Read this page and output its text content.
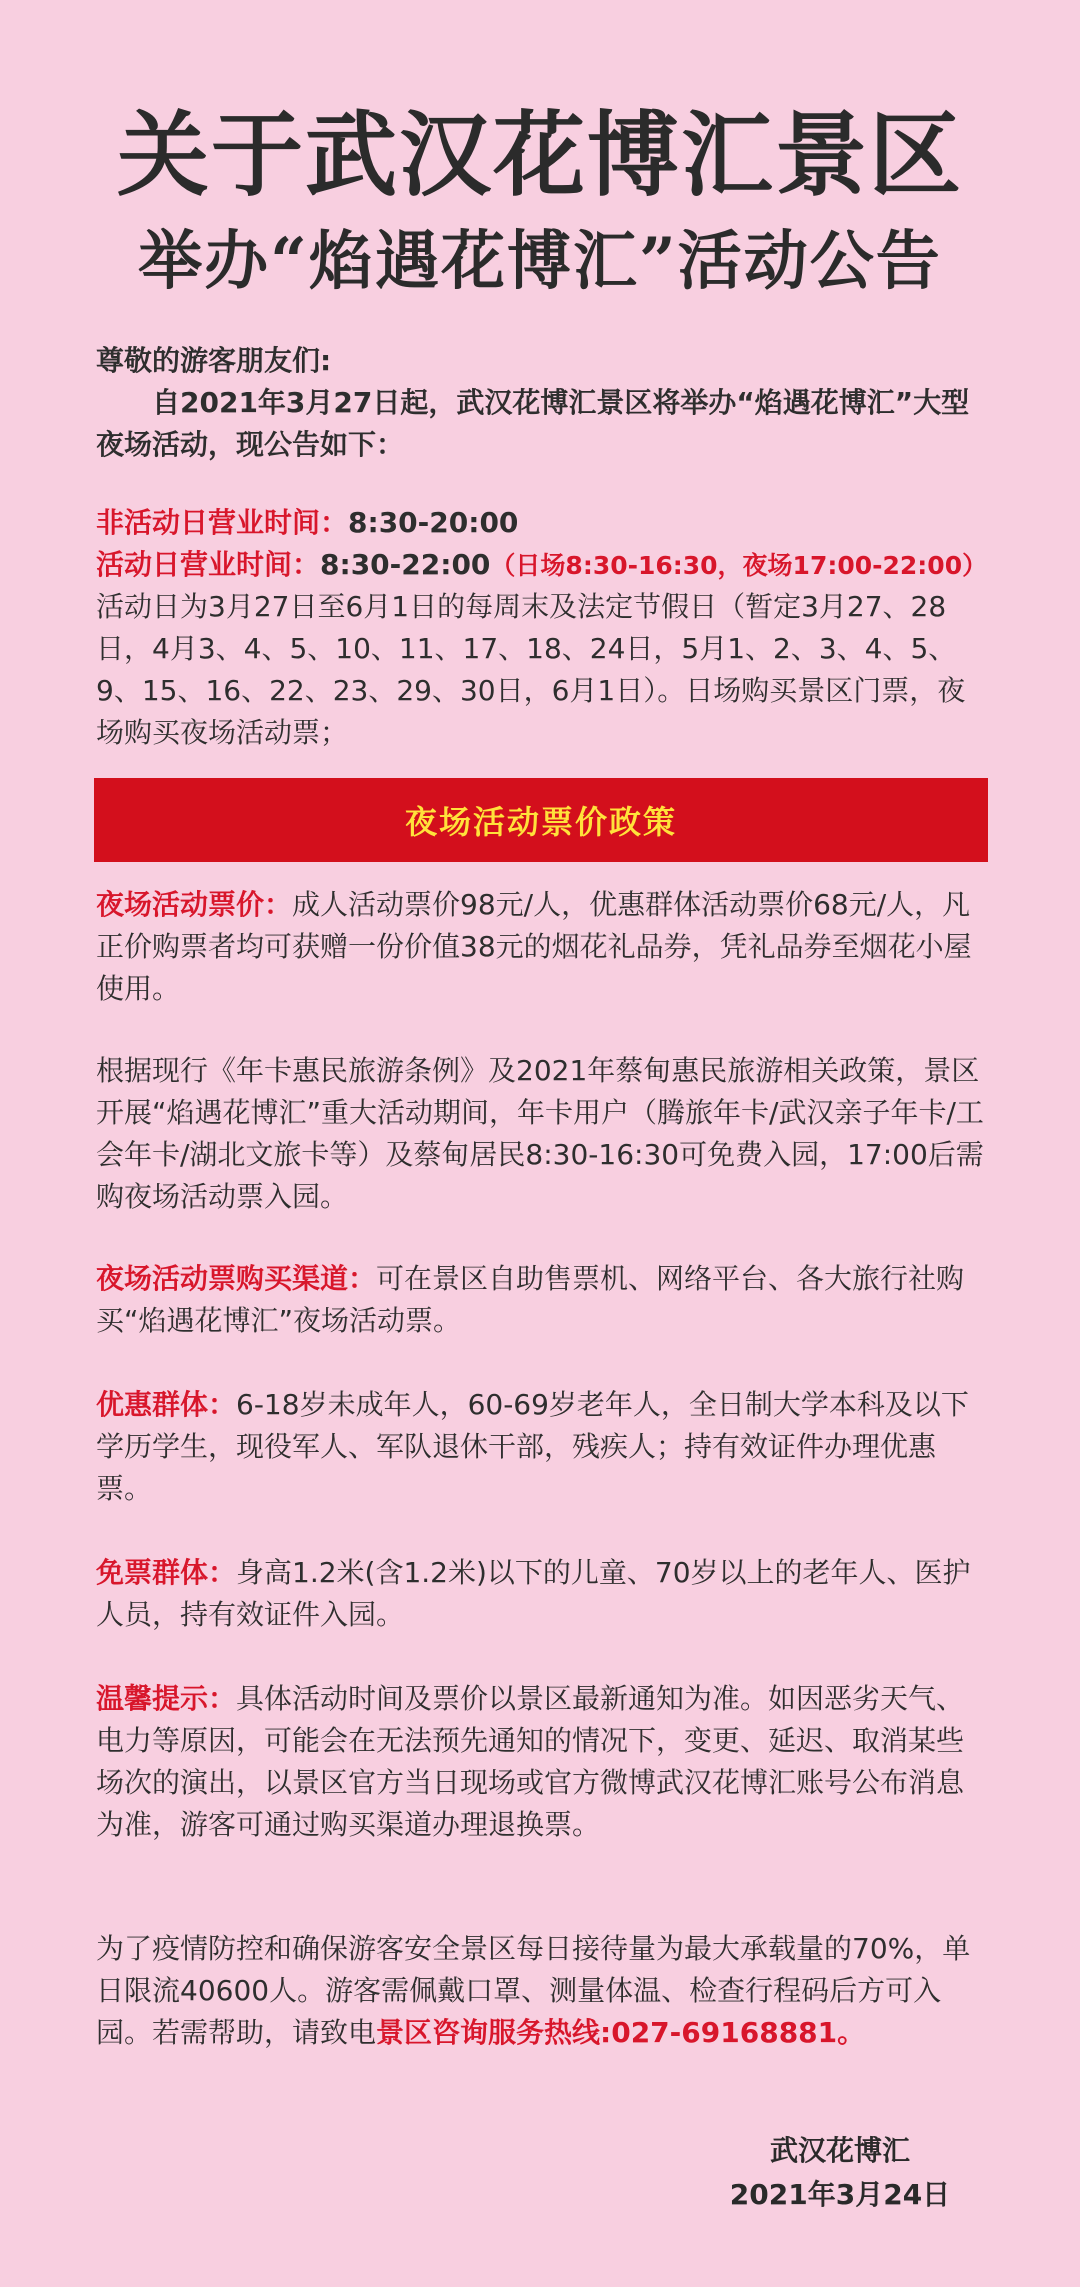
关于武汉花博汇景区
举办“焰遇花博汇”活动公告
尊敬的游客朋友们:
自2021年3月27日起，武汉花博汇景区将举办“焰遇花博汇”大型夜场活动，现公告如下：
非活动日营业时间：8:30-20:00
活动日营业时间：8:30-22:00（日场8:30-16:30，夜场17:00-22:00）
活动日为3月27日至6月1日的每周末及法定节假日（暂定3月27、28日，4月3、4、5、10、11、17、18、24日，5月1、2、3、4、5、9、15、16、22、23、29、30日，6月1日）。日场购买景区门票，夜场购买夜场活动票；
夜场活动票价政策
夜场活动票价：成人活动票价98元/人，优惠群体活动票价68元/人，凡正价购票者均可获赠一份价值38元的烟花礼品券，凭礼品券至烟花小屋使用。
根据现行《年卡惠民旅游条例》及2021年蔡甸惠民旅游相关政策，景区开展“焰遇花博汇”重大活动期间，年卡用户（腾旅年卡/武汉亲子年卡/工会年卡/湖北文旅卡等）及蔡甸居民8:30-16:30可免费入园，17:00后需购夜场活动票入园。
夜场活动票购买渠道：可在景区自助售票机、网络平台、各大旅行社购买“焰遇花博汇”夜场活动票。
优惠群体：6-18岁未成年人，60-69岁老年人，全日制大学本科及以下学历学生，现役军人、军队退休干部，残疾人；持有效证件办理优惠票。
免票群体：身高1.2米(含1.2米)以下的儿童、70岁以上的老年人、医护人员，持有效证件入园。
温馨提示：具体活动时间及票价以景区最新通知为准。如因恶劣天气、电力等原因，可能会在无法预先通知的情况下，变更、延迟、取消某些场次的演出，以景区官方当日现场或官方微博武汉花博汇账号公布消息为准，游客可通过购买渠道办理退换票。
为了疫情防控和确保游客安全景区每日接待量为最大承载量的70%，单日限流40600人。游客需佩戴口罩、测量体温、检查行程码后方可入园。若需帮助，请致电景区咨询服务热线:027-69168881。
武汉花博汇
2021年3月24日
